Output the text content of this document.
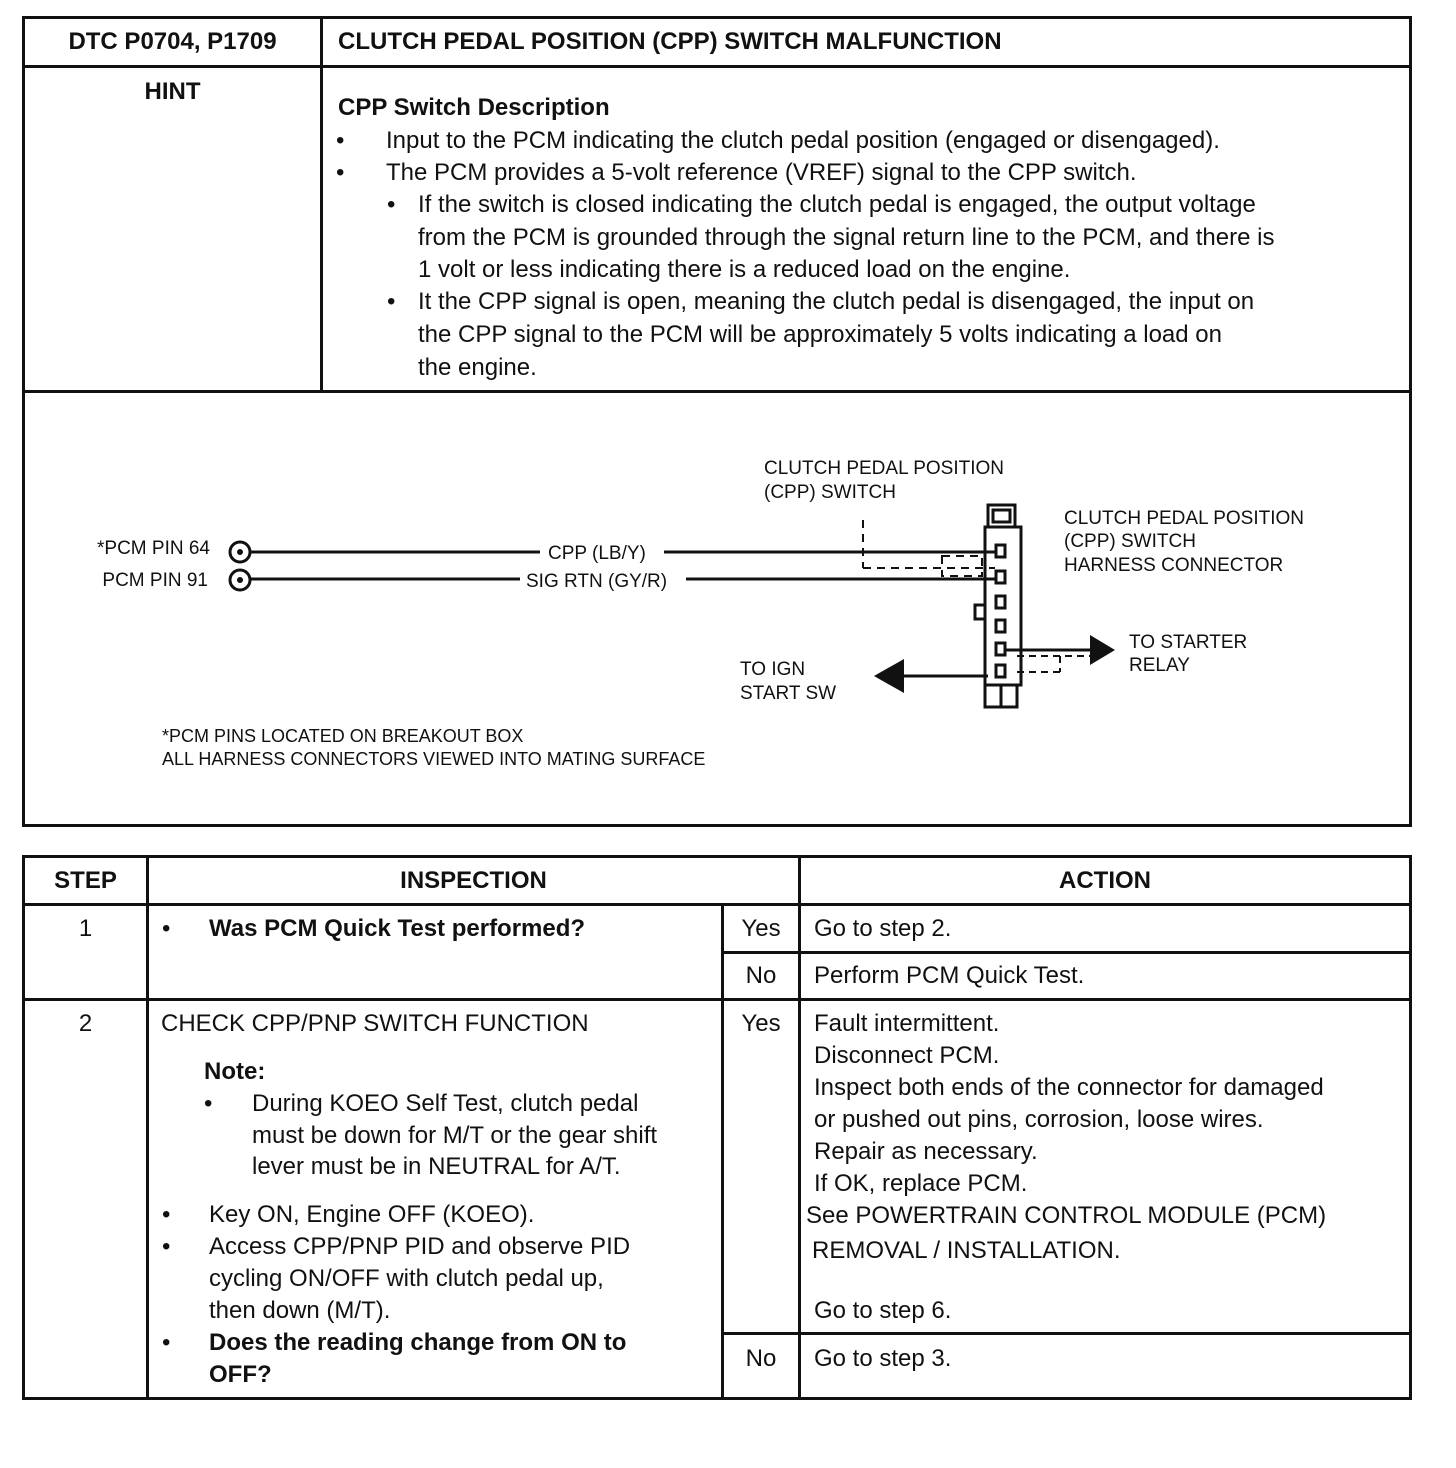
DTC P0704, P1709	CLUTCH PEDAL POSITION (CPP) SWITCH MALFUNCTION
HINT
CPP Switch Description
• Input to the PCM indicating the clutch pedal position (engaged or disengaged).
• The PCM provides a 5-volt reference (VREF) signal to the CPP switch.
• If the switch is closed indicating the clutch pedal is engaged, the output voltage
from the PCM is grounded through the signal return line to the PCM, and there is
1 volt or less indicating there is a reduced load on the engine.
• It the CPP signal is open, meaning the clutch pedal is disengaged, the input on
the CPP signal to the PCM will be approximately 5 volts indicating a load on
the engine.
*PCM PIN 64
PCM PIN 91
CPP (LB/Y)
SIG RTN (GY/R)
CLUTCH PEDAL POSITION
(CPP) SWITCH
CLUTCH PEDAL POSITION
(CPP) SWITCH
HARNESS CONNECTOR
TO STARTER
RELAY
TO IGN
START SW
*PCM PINS LOCATED ON BREAKOUT BOX
ALL HARNESS CONNECTORS VIEWED INTO MATING SURFACE
STEP	INSPECTION	ACTION
1	• Was PCM Quick Test performed?	Yes	Go to step 2.
No	Perform PCM Quick Test.
2	CHECK CPP/PNP SWITCH FUNCTION
Note:
• During KOEO Self Test, clutch pedal
must be down for M/T or the gear shift
lever must be in NEUTRAL for A/T.
• Key ON, Engine OFF (KOEO).
• Access CPP/PNP PID and observe PID
cycling ON/OFF with clutch pedal up,
then down (M/T).
• Does the reading change from ON to
OFF?
Yes	Fault intermittent.
Disconnect PCM.
Inspect both ends of the connector for damaged
or pushed out pins, corrosion, loose wires.
Repair as necessary.
If OK, replace PCM.
See POWERTRAIN CONTROL MODULE (PCM)
REMOVAL / INSTALLATION.
Go to step 6.
No	Go to step 3.
